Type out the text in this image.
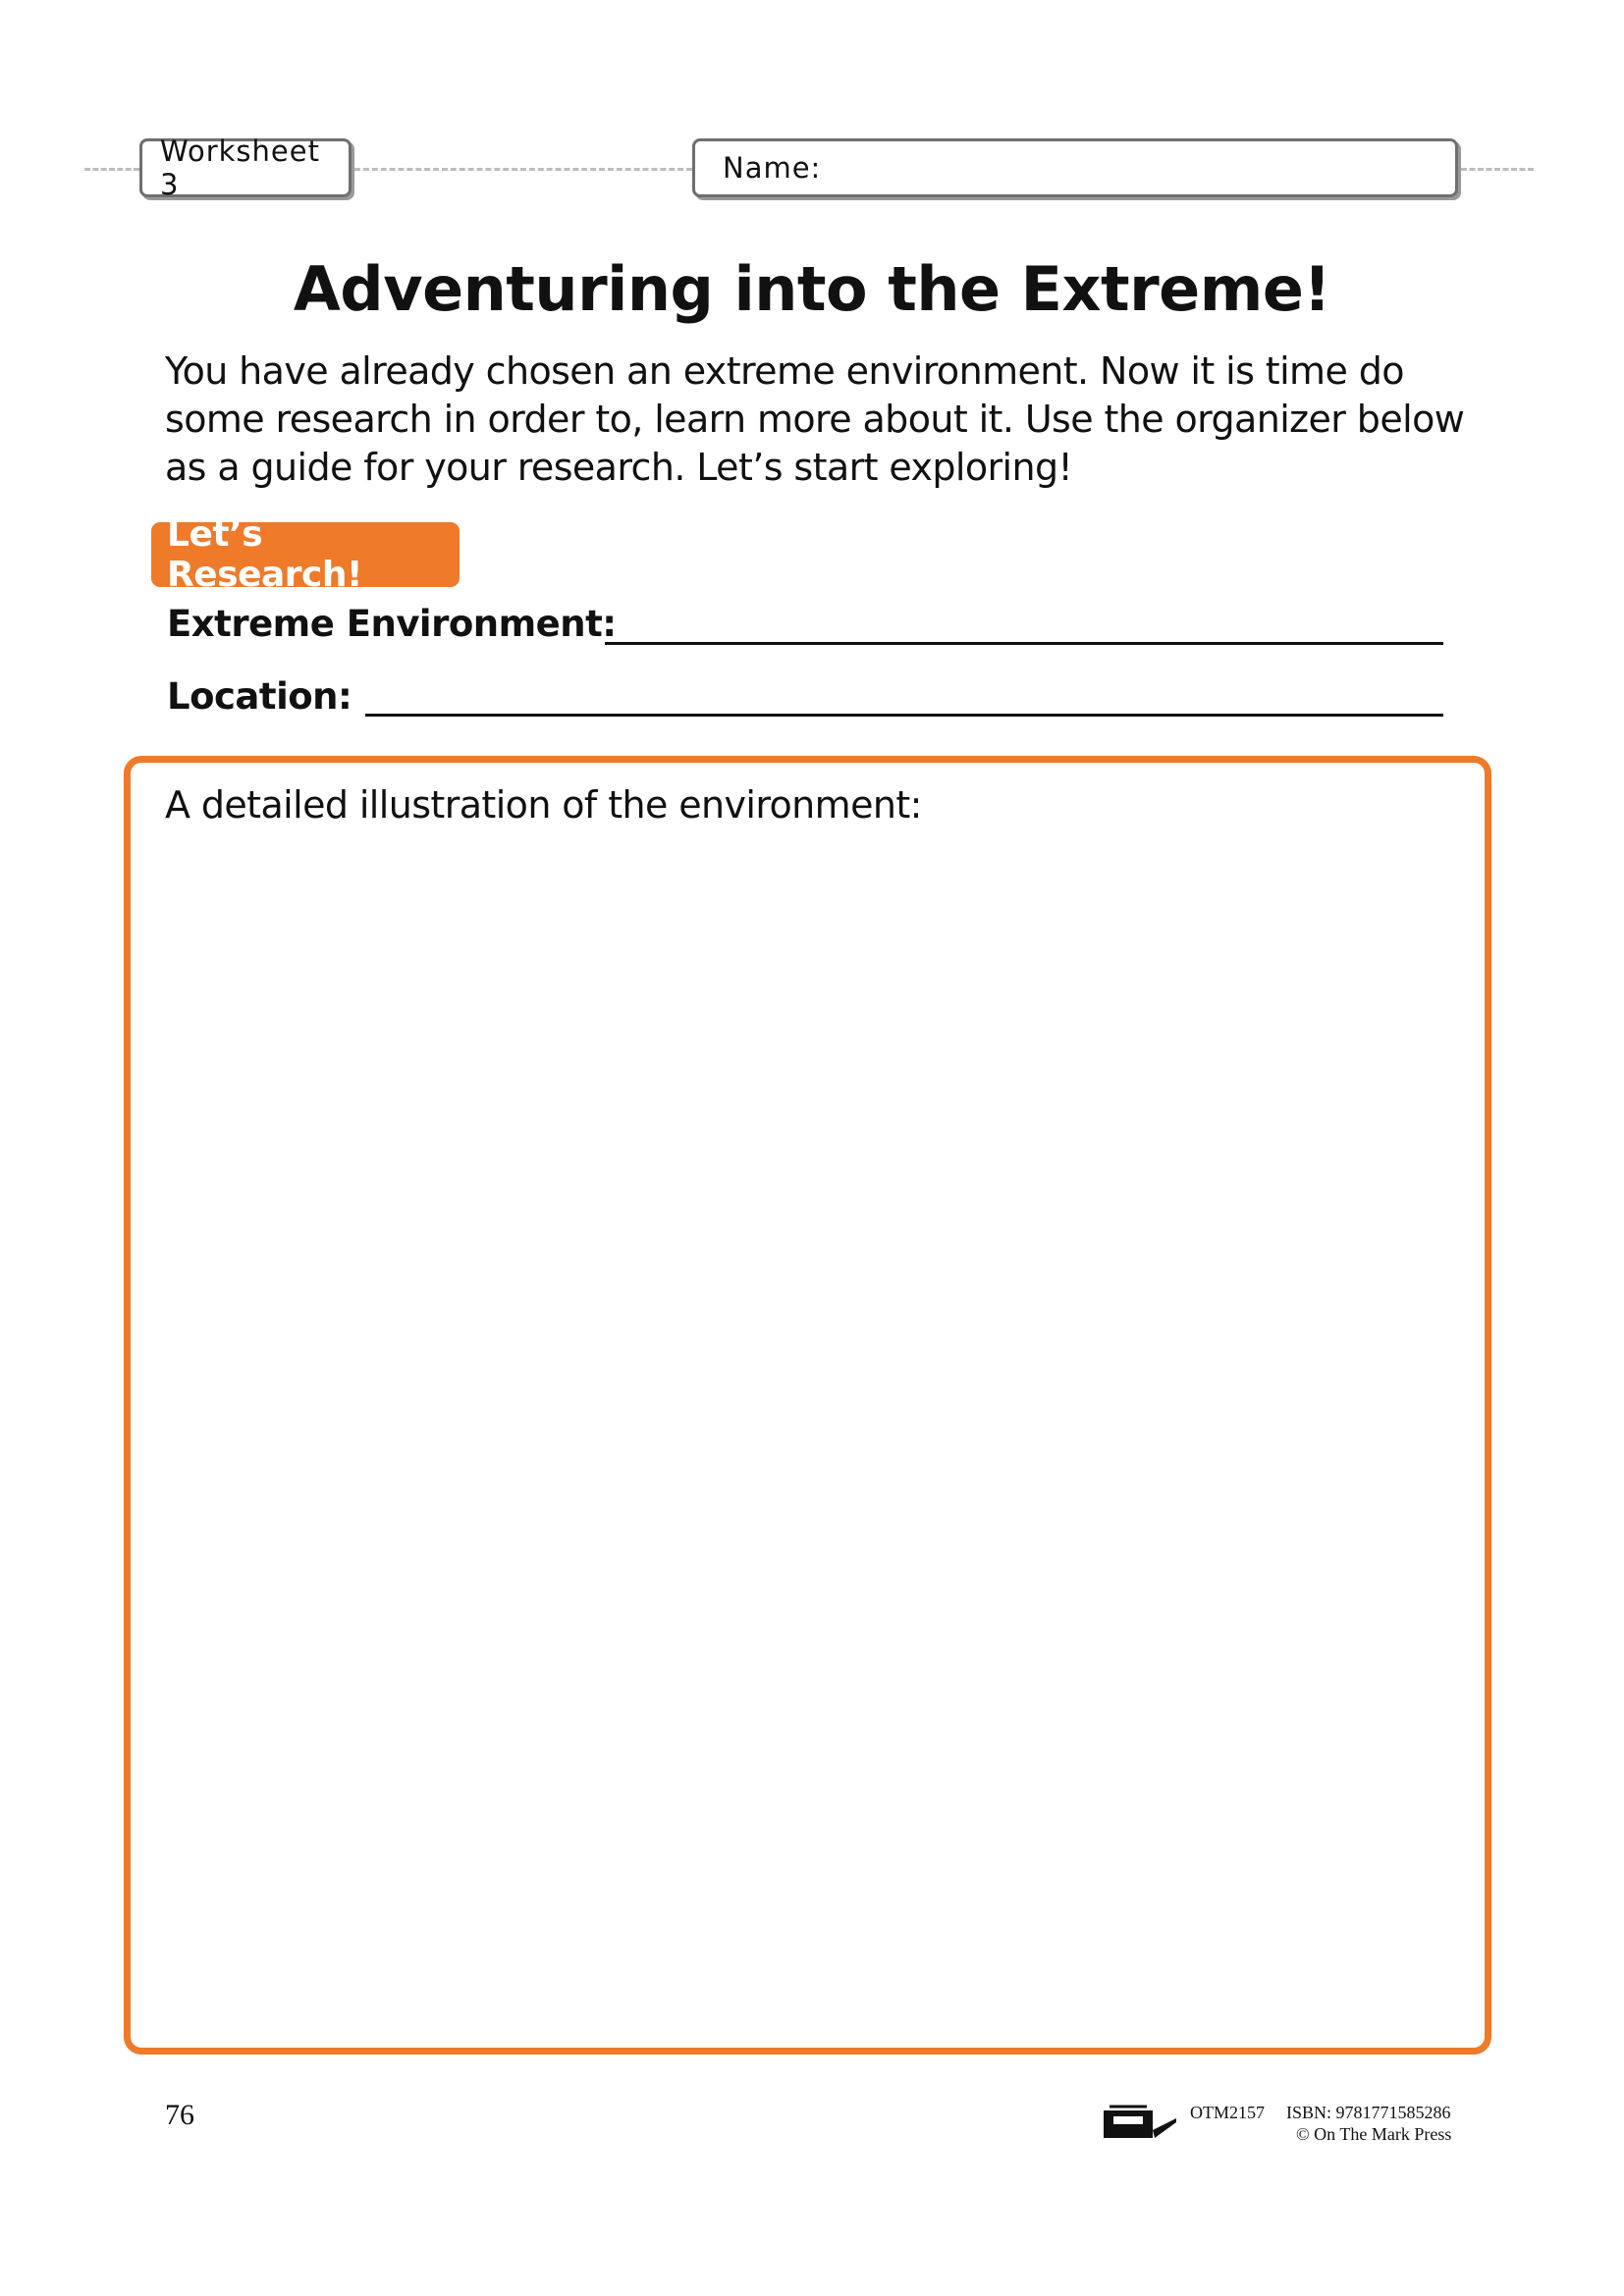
Worksheet 3	Name:
Adventuring into the Extreme!
You have already chosen an extreme environment. Now it is time do
some research in order to, learn more about it. Use the organizer below
as a guide for your research. Let’s start exploring!
Let’s Research!
Extreme Environment:
Location:
A detailed illustration of the environment:
76	OTM2157 ISBN: 9781771585286
© On The Mark Press
